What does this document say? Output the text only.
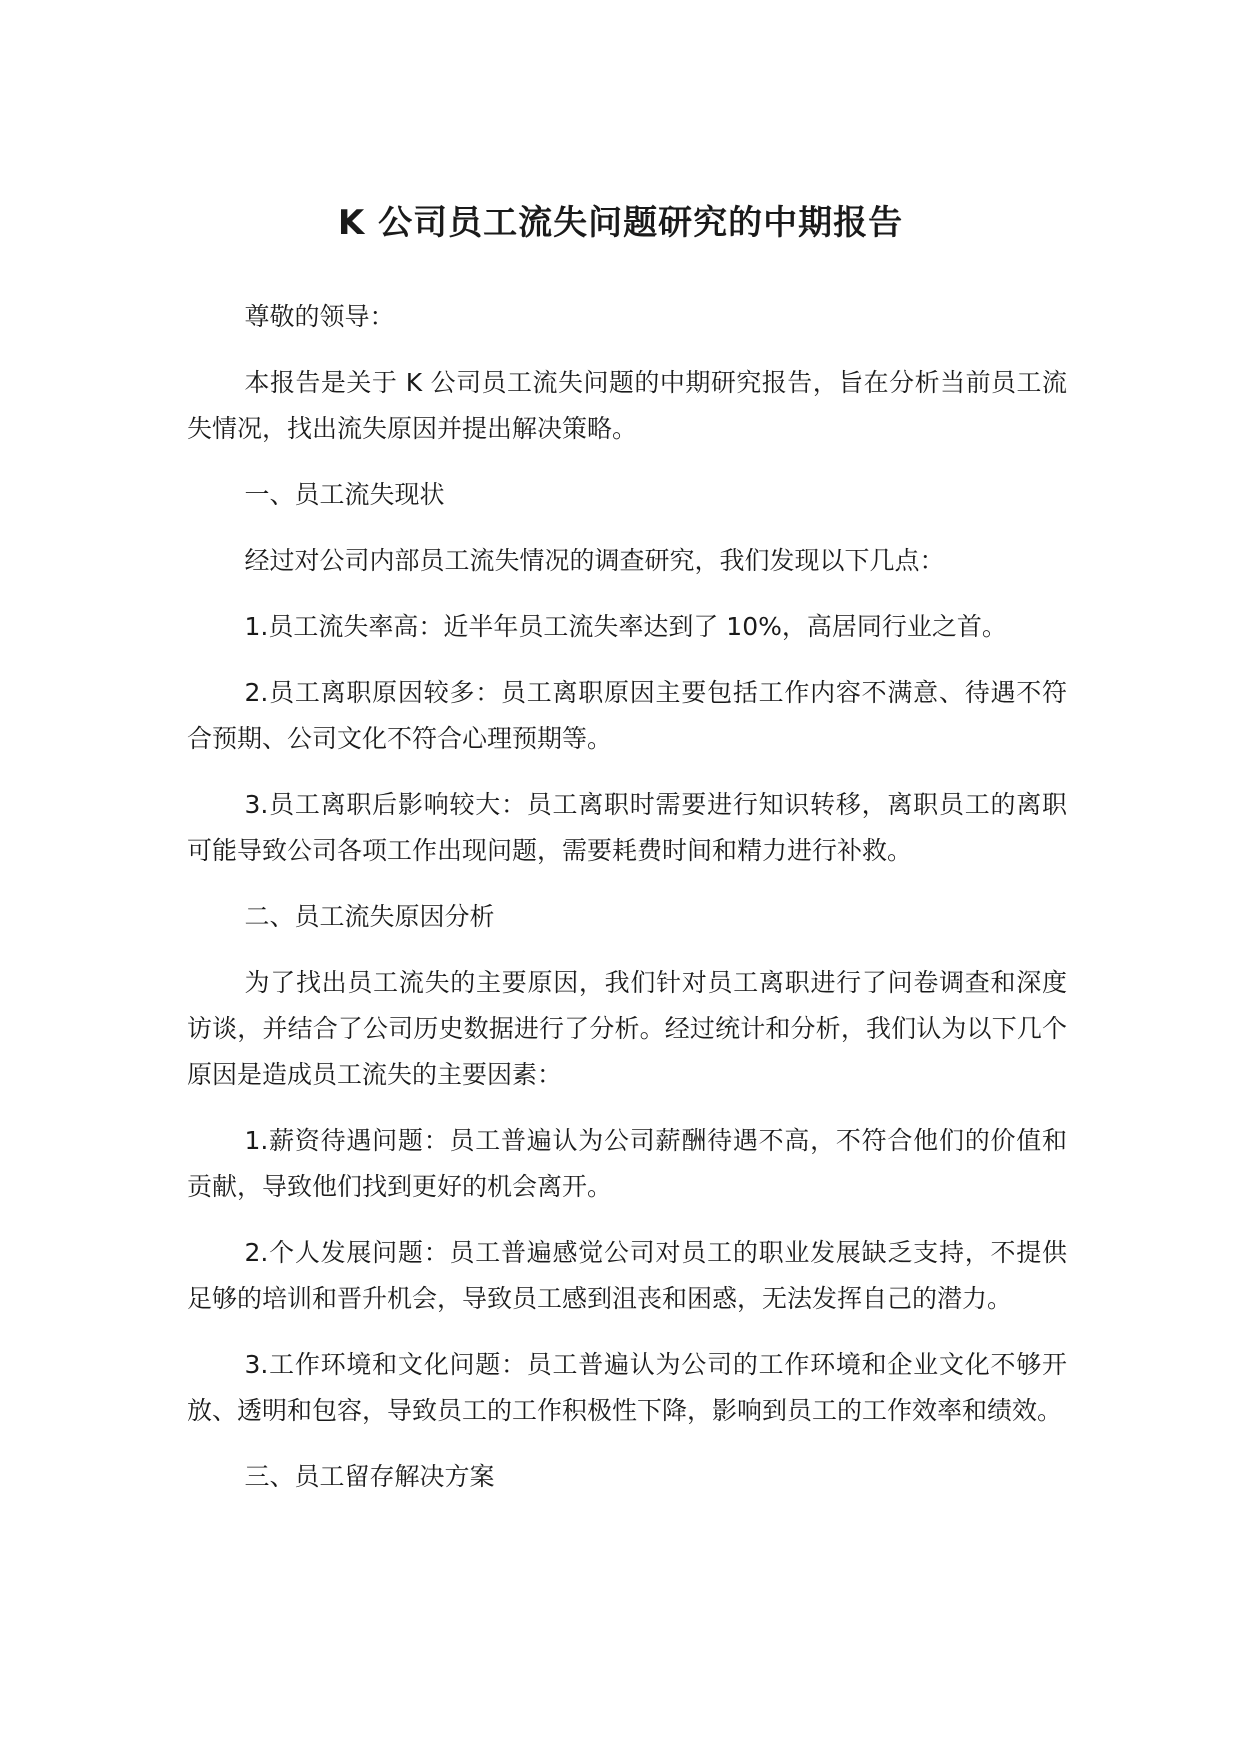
K 公司员工流失问题研究的中期报告

尊敬的领导：

本报告是关于 K 公司员工流失问题的中期研究报告，旨在分析当前员工流失情况，找出流失原因并提出解决策略。

一、员工流失现状

经过对公司内部员工流失情况的调查研究，我们发现以下几点：

1.员工流失率高：近半年员工流失率达到了 10%，高居同行业之首。

2.员工离职原因较多：员工离职原因主要包括工作内容不满意、待遇不符合预期、公司文化不符合心理预期等。

3.员工离职后影响较大：员工离职时需要进行知识转移，离职员工的离职可能导致公司各项工作出现问题，需要耗费时间和精力进行补救。

二、员工流失原因分析

为了找出员工流失的主要原因，我们针对员工离职进行了问卷调查和深度访谈，并结合了公司历史数据进行了分析。经过统计和分析，我们认为以下几个原因是造成员工流失的主要因素：

1.薪资待遇问题：员工普遍认为公司薪酬待遇不高，不符合他们的价值和贡献，导致他们找到更好的机会离开。

2.个人发展问题：员工普遍感觉公司对员工的职业发展缺乏支持，不提供足够的培训和晋升机会，导致员工感到沮丧和困惑，无法发挥自己的潜力。

3.工作环境和文化问题：员工普遍认为公司的工作环境和企业文化不够开放、透明和包容，导致员工的工作积极性下降，影响到员工的工作效率和绩效。

三、员工留存解决方案
